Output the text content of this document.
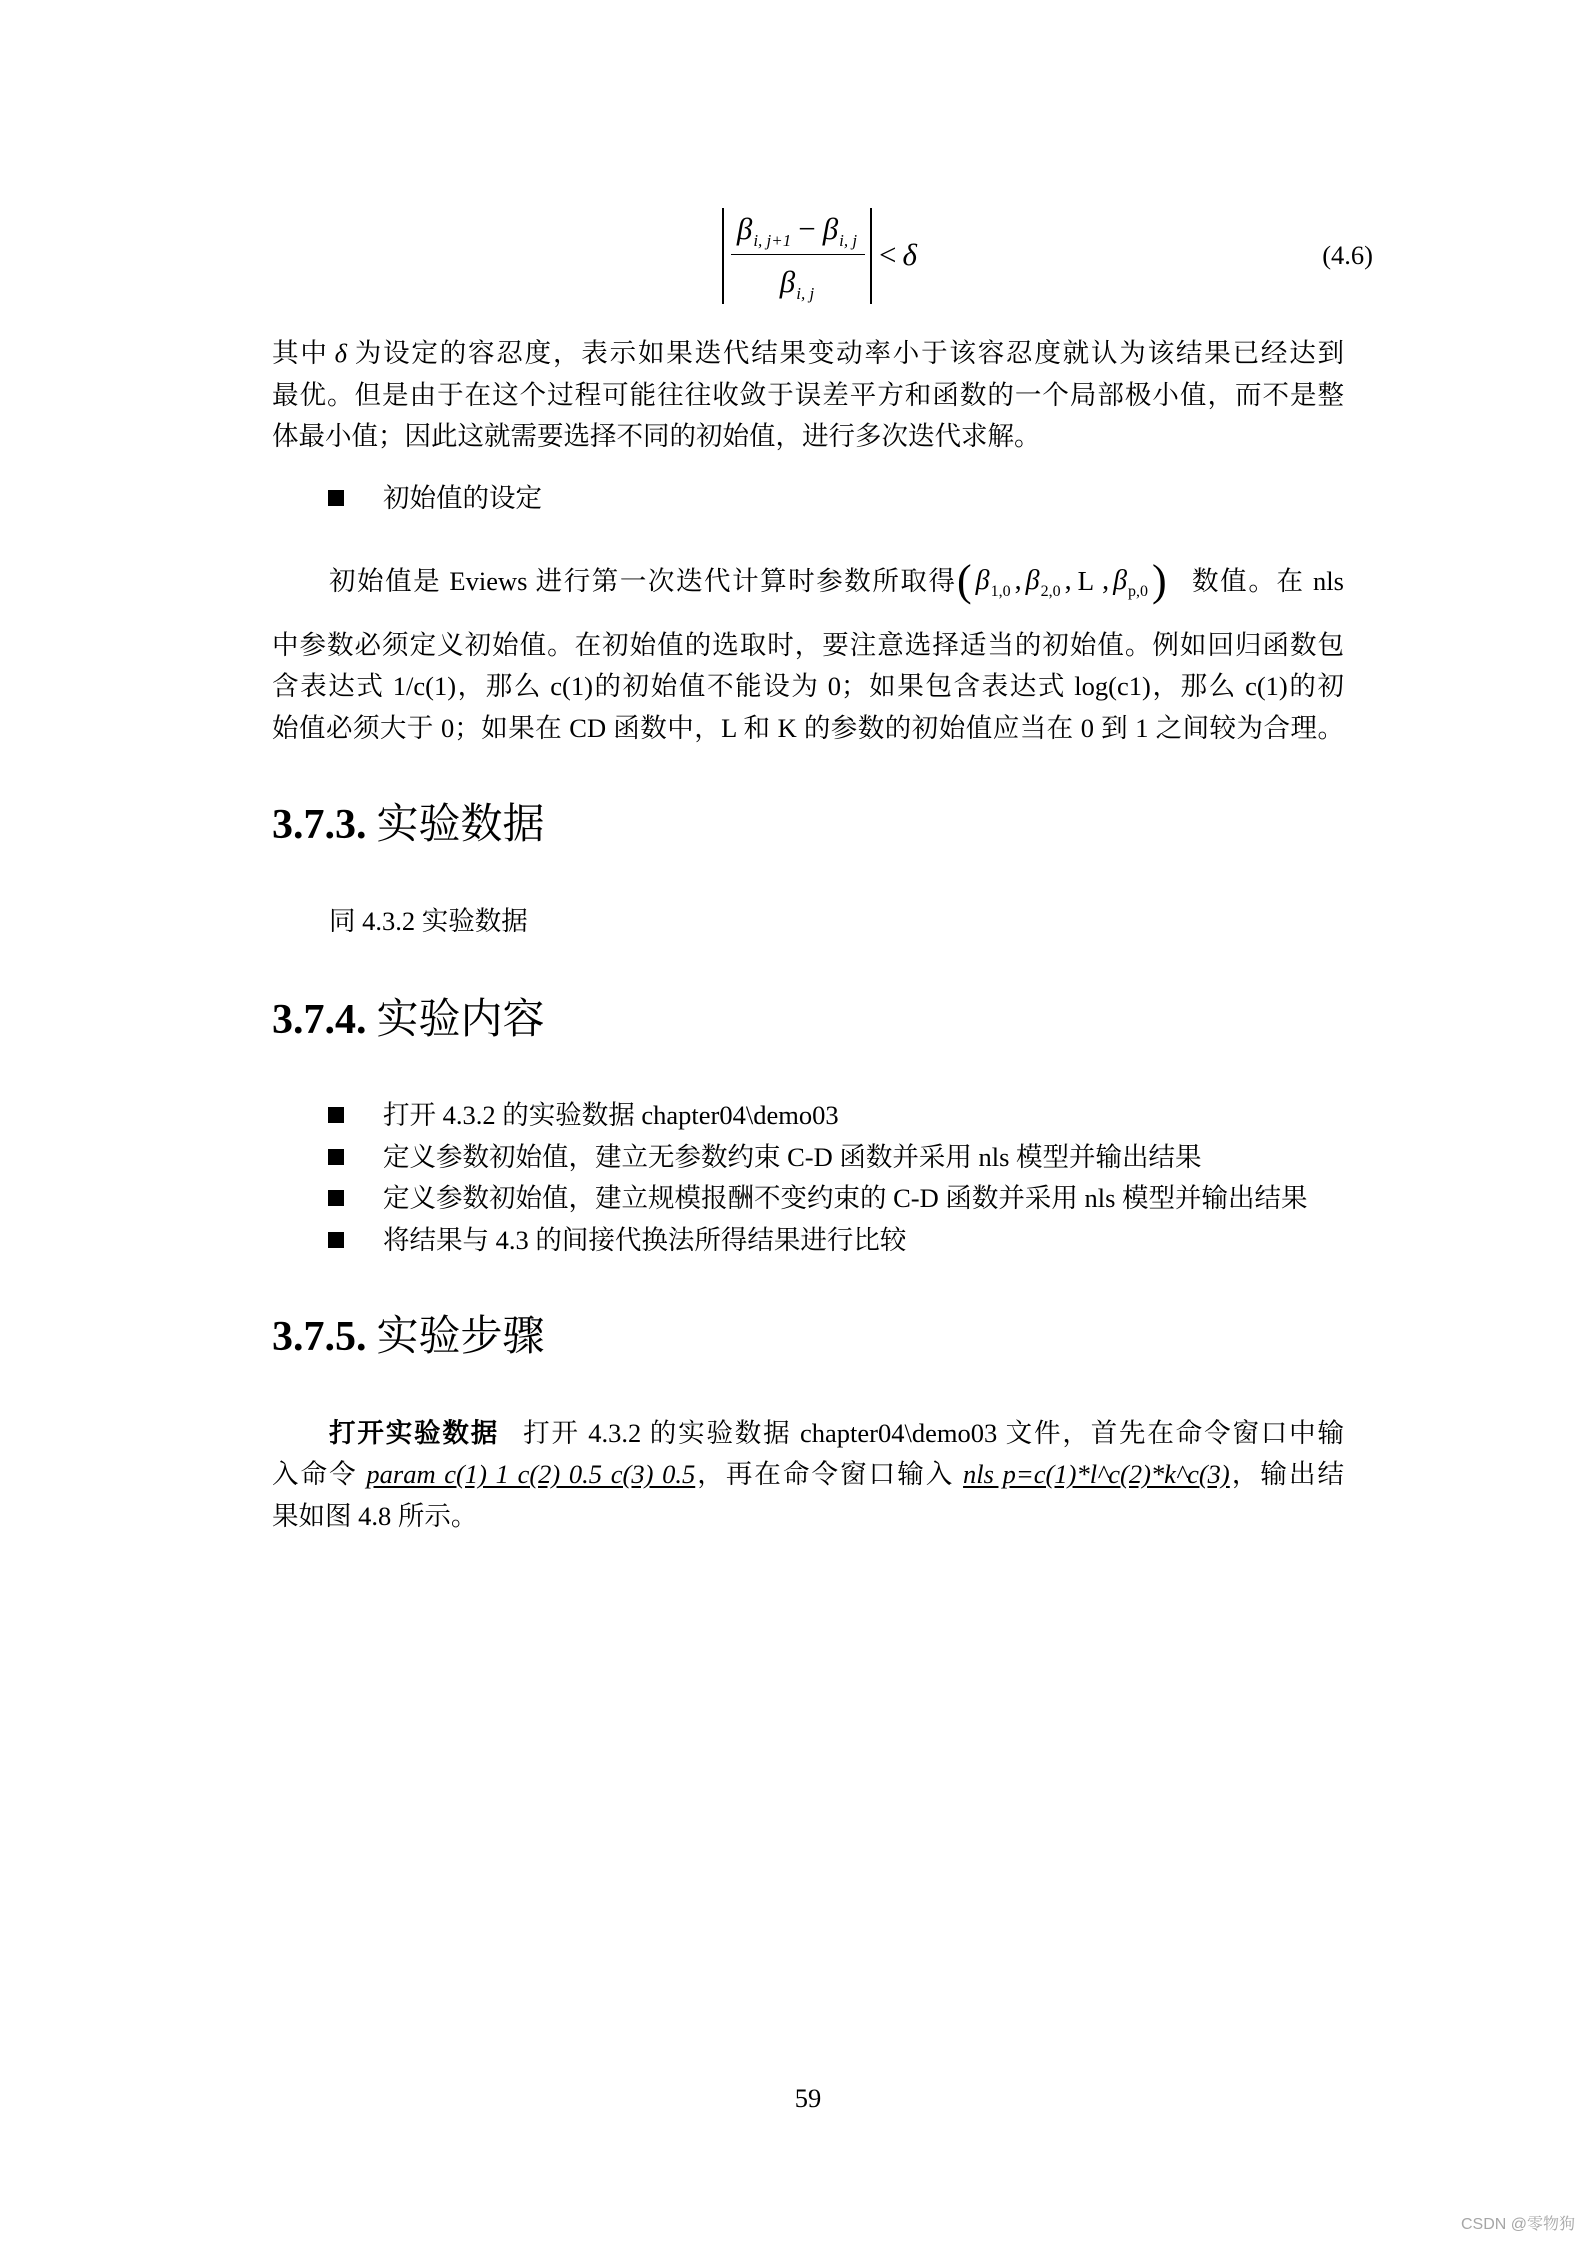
β i, j+1 − β i, j
β i, j
< δ	(4.6)
其中 δ 为设定的容忍度，表示如果迭代结果变动率小于该容忍度就认为该结果已经达到
最优。但是由于在这个过程可能往往收敛于误差平方和函数的一个局部极小值，而不是整
体最小值；因此这就需要选择不同的初始值，进行多次迭代求解。
初始值的设定
初始值是 Eviews 进行第一次迭代计算时参数所取得 ( β 1,0 , β 2,0 , L , β p,0 ) 数值。在 nls
中参数必须定义初始值。在初始值的选取时，要注意选择适当的初始值。例如回归函数包
含表达式 1/c(1)，那么 c(1)的初始值不能设为 0；如果包含表达式 log(c1)，那么 c(1)的初
始值必须大于 0；如果在 CD 函数中，L 和 K 的参数的初始值应当在 0 到 1 之间较为合理。
3.7.3. 实验数据
同 4.3.2 实验数据
3.7.4. 实验内容
打开 4.3.2 的实验数据 chapter04\demo03
定义参数初始值，建立无参数约束 C-D 函数并采用 nls 模型并输出结果
定义参数初始值，建立规模报酬不变约束的 C-D 函数并采用 nls 模型并输出结果
将结果与 4.3 的间接代换法所得结果进行比较
3.7.5. 实验步骤
打开实验数据 打开 4.3.2 的实验数据 chapter04\demo03 文件，首先在命令窗口中输
入命令 param c(1) 1 c(2) 0.5 c(3) 0.5，再在命令窗口输入 nls p=c(1)*l^c(2)*k^c(3)，输出结
果如图 4.8 所示。
59
CSDN @零物狗
